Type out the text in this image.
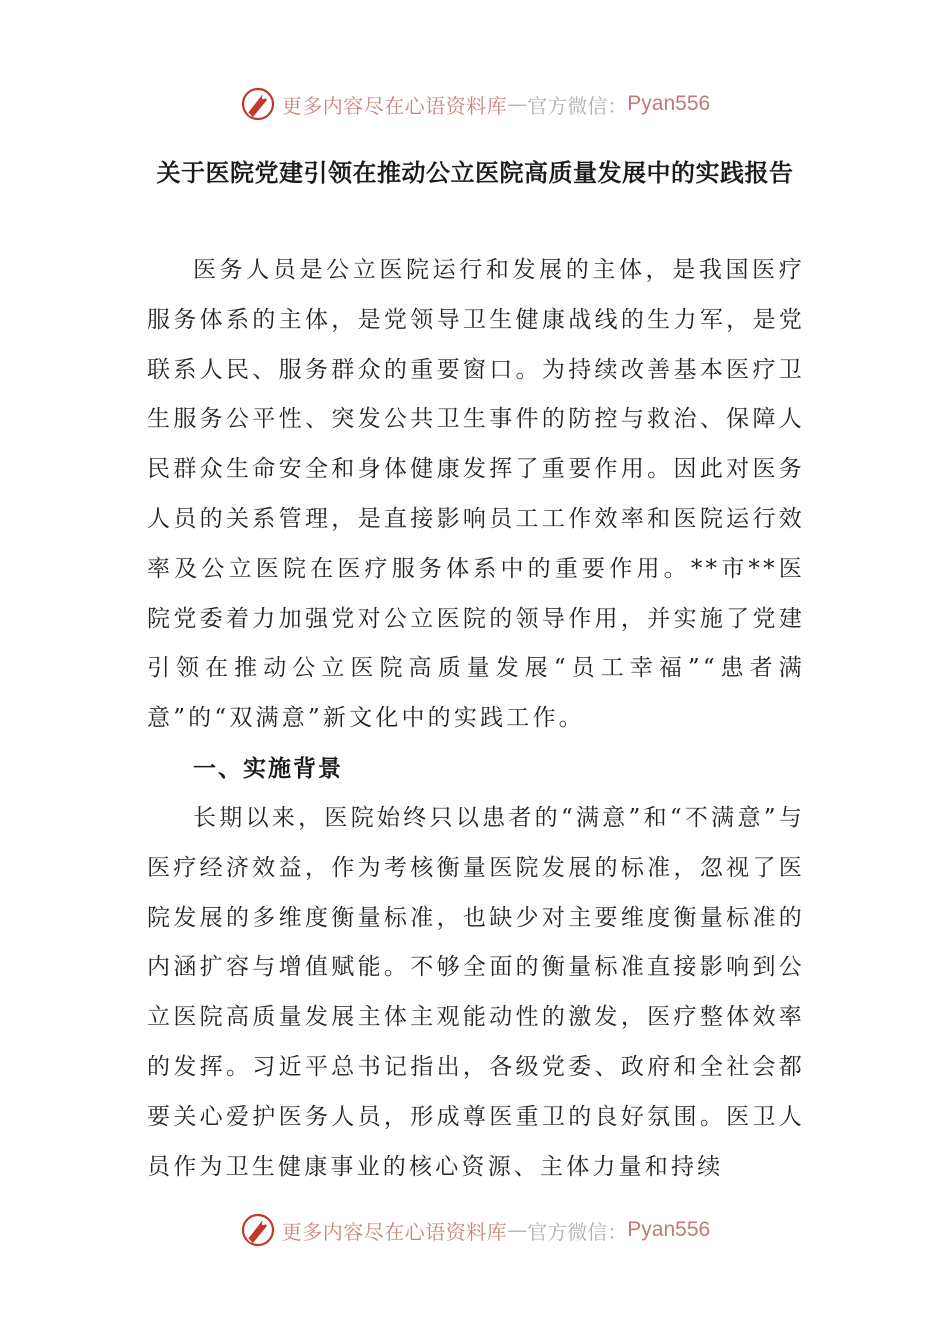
更多内容尽在心语资料库 — 官方微信： Pyan556
关于医院党建引领在推动公立医院高质量发展中的实践报告

医务人员是公立医院运行和发展的主体，是我国医疗服务体系的主体，是党领导卫生健康战线的生力军，是党联系人民、服务群众的重要窗口。为持续改善基本医疗卫生服务公平性、突发公共卫生事件的防控与救治、保障人民群众生命安全和身体健康发挥了重要作用。因此对医务人员的关系管理，是直接影响员工工作效率和医院运行效率及公立医院在医疗服务体系中的重要作用。**市**医院党委着力加强党对公立医院的领导作用，并实施了党建引领在推动公立医院高质量发展“员工幸福”“患者满意”的“双满意”新文化中的实践工作。

一、实施背景

长期以来，医院始终只以患者的“满意”和“不满意”与医疗经济效益，作为考核衡量医院发展的标准，忽视了医院发展的多维度衡量标准，也缺少对主要维度衡量标准的内涵扩容与增值赋能。不够全面的衡量标准直接影响到公立医院高质量发展主体主观能动性的激发，医疗整体效率的发挥。习近平总书记指出，各级党委、政府和全社会都要关心爱护医务人员，形成尊医重卫的良好氛围。医卫人员作为卫生健康事业的核心资源、主体力量和持续

更多内容尽在心语资料库 — 官方微信： Pyan556
